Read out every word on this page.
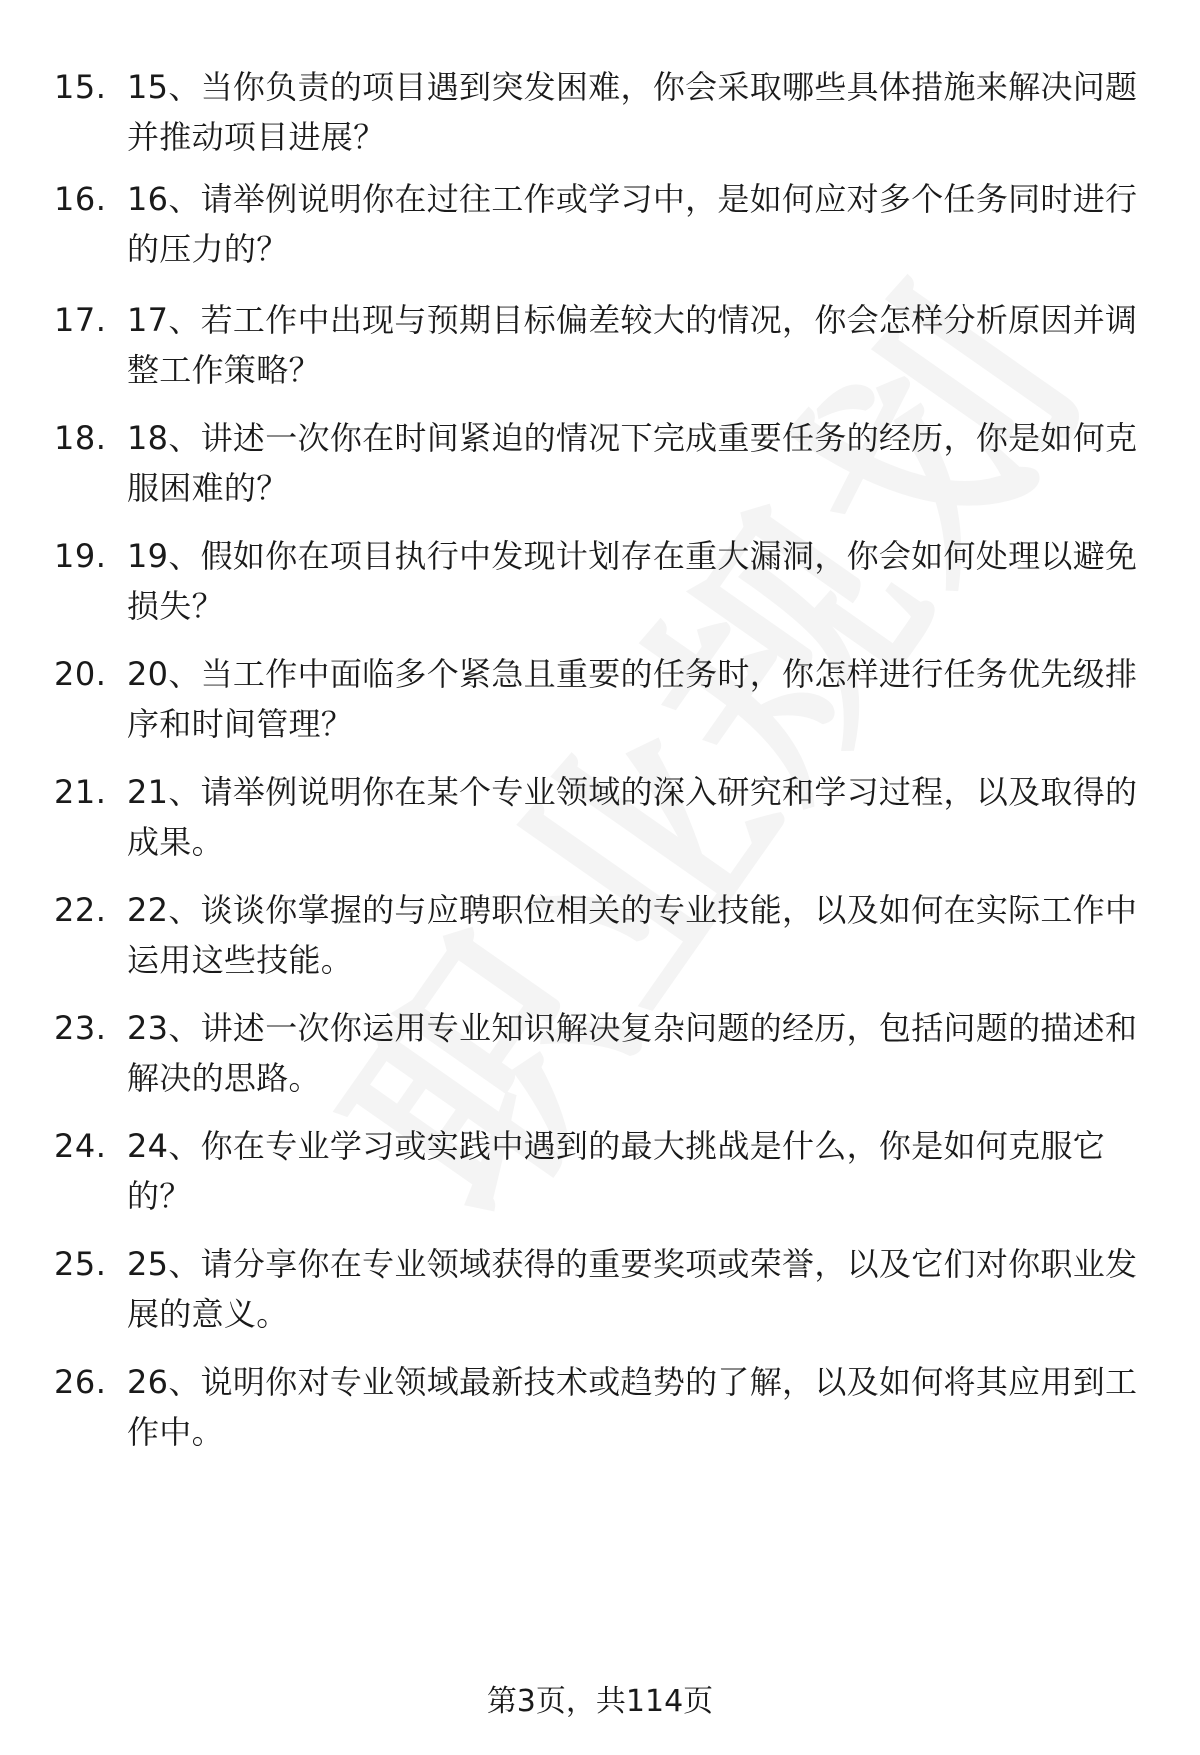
15. 15、当你负责的项目遇到突发困难，你会采取哪些具体措施来解决问题并推动项目进展？
16. 16、请举例说明你在过往工作或学习中，是如何应对多个任务同时进行的压力的？
17. 17、若工作中出现与预期目标偏差较大的情况，你会怎样分析原因并调整工作策略？
18. 18、讲述一次你在时间紧迫的情况下完成重要任务的经历，你是如何克服困难的？
19. 19、假如你在项目执行中发现计划存在重大漏洞，你会如何处理以避免损失？
20. 20、当工作中面临多个紧急且重要的任务时，你怎样进行任务优先级排序和时间管理？
21. 21、请举例说明你在某个专业领域的深入研究和学习过程，以及取得的成果。
22. 22、谈谈你掌握的与应聘职位相关的专业技能，以及如何在实际工作中运用这些技能。
23. 23、讲述一次你运用专业知识解决复杂问题的经历，包括问题的描述和解决的思路。
24. 24、你在专业学习或实践中遇到的最大挑战是什么，你是如何克服它的？
25. 25、请分享你在专业领域获得的重要奖项或荣誉，以及它们对你职业发展的意义。
26. 26、说明你对专业领域最新技术或趋势的了解，以及如何将其应用到工作中。
第3页，共114页
